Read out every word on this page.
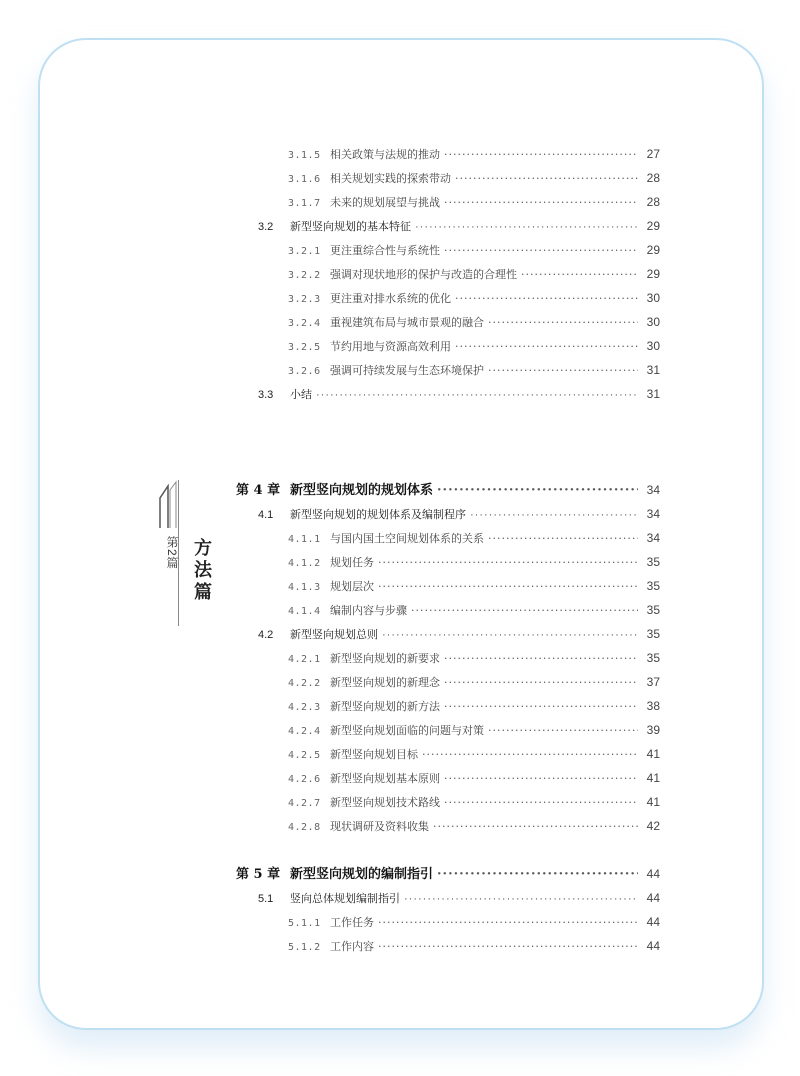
第2篇 方法篇
3.1.5 相关政策与法规的推动 ·····	27
3.1.6 相关规划实践的探索带动 ·····	28
3.1.7 未来的规划展望与挑战 ·····	28
3.2	新型竖向规划的基本特征 ·····	29
3.2.1 更注重综合性与系统性 ·····	29
3.2.2 强调对现状地形的保护与改造的合理性 ·····	29
3.2.3 更注重对排水系统的优化 ·····	30
3.2.4 重视建筑布局与城市景观的融合 ·····	30
3.2.5 节约用地与资源高效利用 ·····	30
3.2.6 强调可持续发展与生态环境保护 ·····	31
3.3	小结 ·····	31
第 4 章 新型竖向规划的规划体系 ·····	34
4.1	新型竖向规划的规划体系及编制程序 ·····	34
4.1.1 与国内国土空间规划体系的关系 ·····	34
4.1.2 规划任务 ·····	35
4.1.3 规划层次 ·····	35
4.1.4 编制内容与步骤 ·····	35
4.2	新型竖向规划总则 ·····	35
4.2.1 新型竖向规划的新要求 ·····	35
4.2.2 新型竖向规划的新理念 ·····	37
4.2.3 新型竖向规划的新方法 ·····	38
4.2.4 新型竖向规划面临的问题与对策 ·····	39
4.2.5 新型竖向规划目标 ·····	41
4.2.6 新型竖向规划基本原则 ·····	41
4.2.7 新型竖向规划技术路线 ·····	41
4.2.8 现状调研及资料收集 ·····	42
第 5 章 新型竖向规划的编制指引 ·····	44
5.1	竖向总体规划编制指引 ·····	44
5.1.1 工作任务 ·····	44
5.1.2 工作内容 ·····	44
